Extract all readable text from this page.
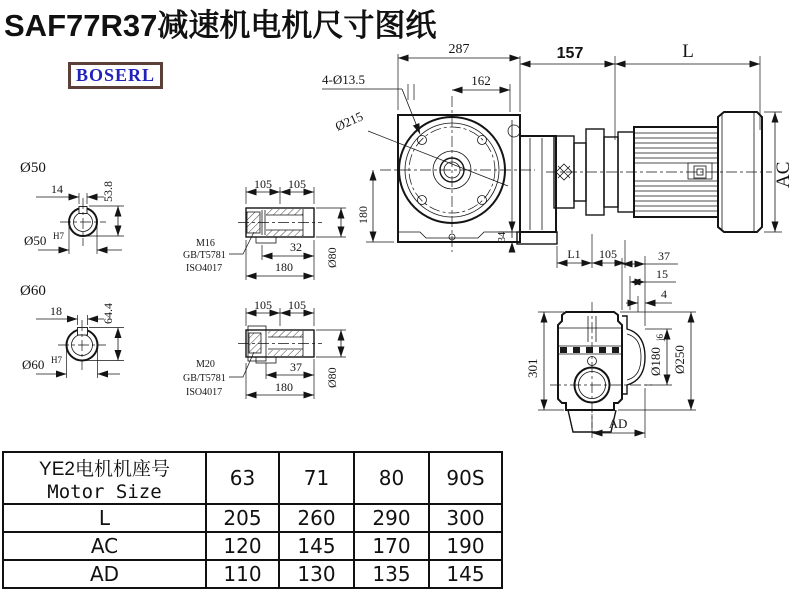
SAF77R37减速机电机尺寸图纸
BOSERL
Ø50
14	53.8
Ø50 H7
Ø60
18	64.4
Ø60 H7
105 105
32
180	Ø80
M16
GB/T5781
ISO4017
105 105
37
180	Ø80
M20
GB/T5781
ISO4017
287
162
4-Ø13.5
Ø215
180
34
157	L
AC
L1 105	37
15
4
301	Ø180
j6
Ø250
AD
YE2电机机座号
Motor Size	63	71	80	90S
L	205	260	290	300
AC	120	145	170	190
AD	110	130	135	145
